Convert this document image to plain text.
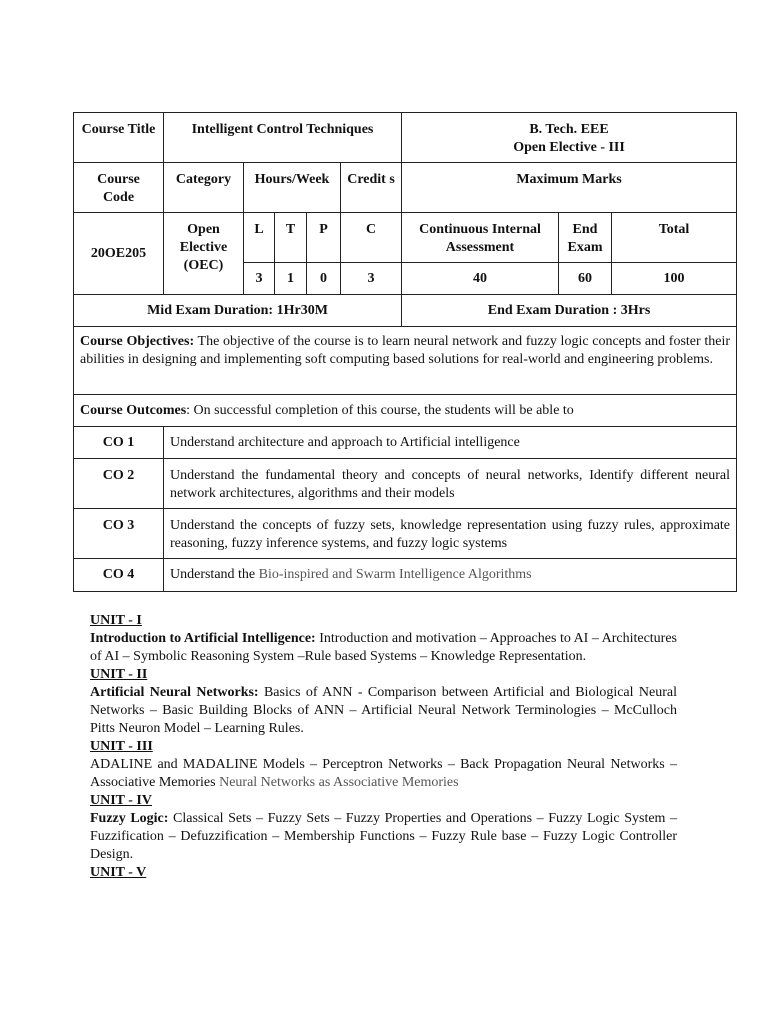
Course Title	Intelligent Control Techniques					B. Tech. EEE
Open Elective - III		

Course Code	Category	Hours/Week			Credit s	Maximum Marks		
20OE205	Open Elective (OEC)	L	T	P	C	Continuous Internal Assessment	End Exam	Total
		3	1	0	3	40	60	100
Mid Exam Duration: 1Hr30M						End Exam Duration : 3Hrs		
Course Objectives: The objective of the course is to learn neural network and fuzzy logic concepts and foster their abilities in designing and implementing soft computing based solutions for real-world and engineering problems.								
Course Outcomes: On successful completion of this course, the students will be able to								
CO 1	Understand architecture and approach to Artificial intelligence							
CO 2	Understand the fundamental theory and concepts of neural networks, Identify different neural network architectures, algorithms and their models							
CO 3	Understand the concepts of fuzzy sets, knowledge representation using fuzzy rules, approximate reasoning, fuzzy inference systems, and fuzzy logic systems							
CO 4	Understand the Bio-inspired and Swarm Intelligence Algorithms							
UNIT - I

Introduction to Artificial Intelligence: Introduction and motivation – Approaches to AI – Architectures of AI – Symbolic Reasoning System –Rule based Systems – Knowledge Representation.

UNIT - II

Artificial Neural Networks: Basics of ANN - Comparison between Artificial and Biological Neural Networks – Basic Building Blocks of ANN – Artificial Neural Network Terminologies – McCulloch Pitts Neuron Model – Learning Rules.

UNIT - III

ADALINE and MADALINE Models – Perceptron Networks – Back Propagation Neural Networks – Associative Memories Neural Networks as Associative Memories

UNIT - IV

Fuzzy Logic: Classical Sets – Fuzzy Sets – Fuzzy Properties and Operations – Fuzzy Logic System – Fuzzification – Defuzzification – Membership Functions – Fuzzy Rule base – Fuzzy Logic Controller Design.

UNIT - V
